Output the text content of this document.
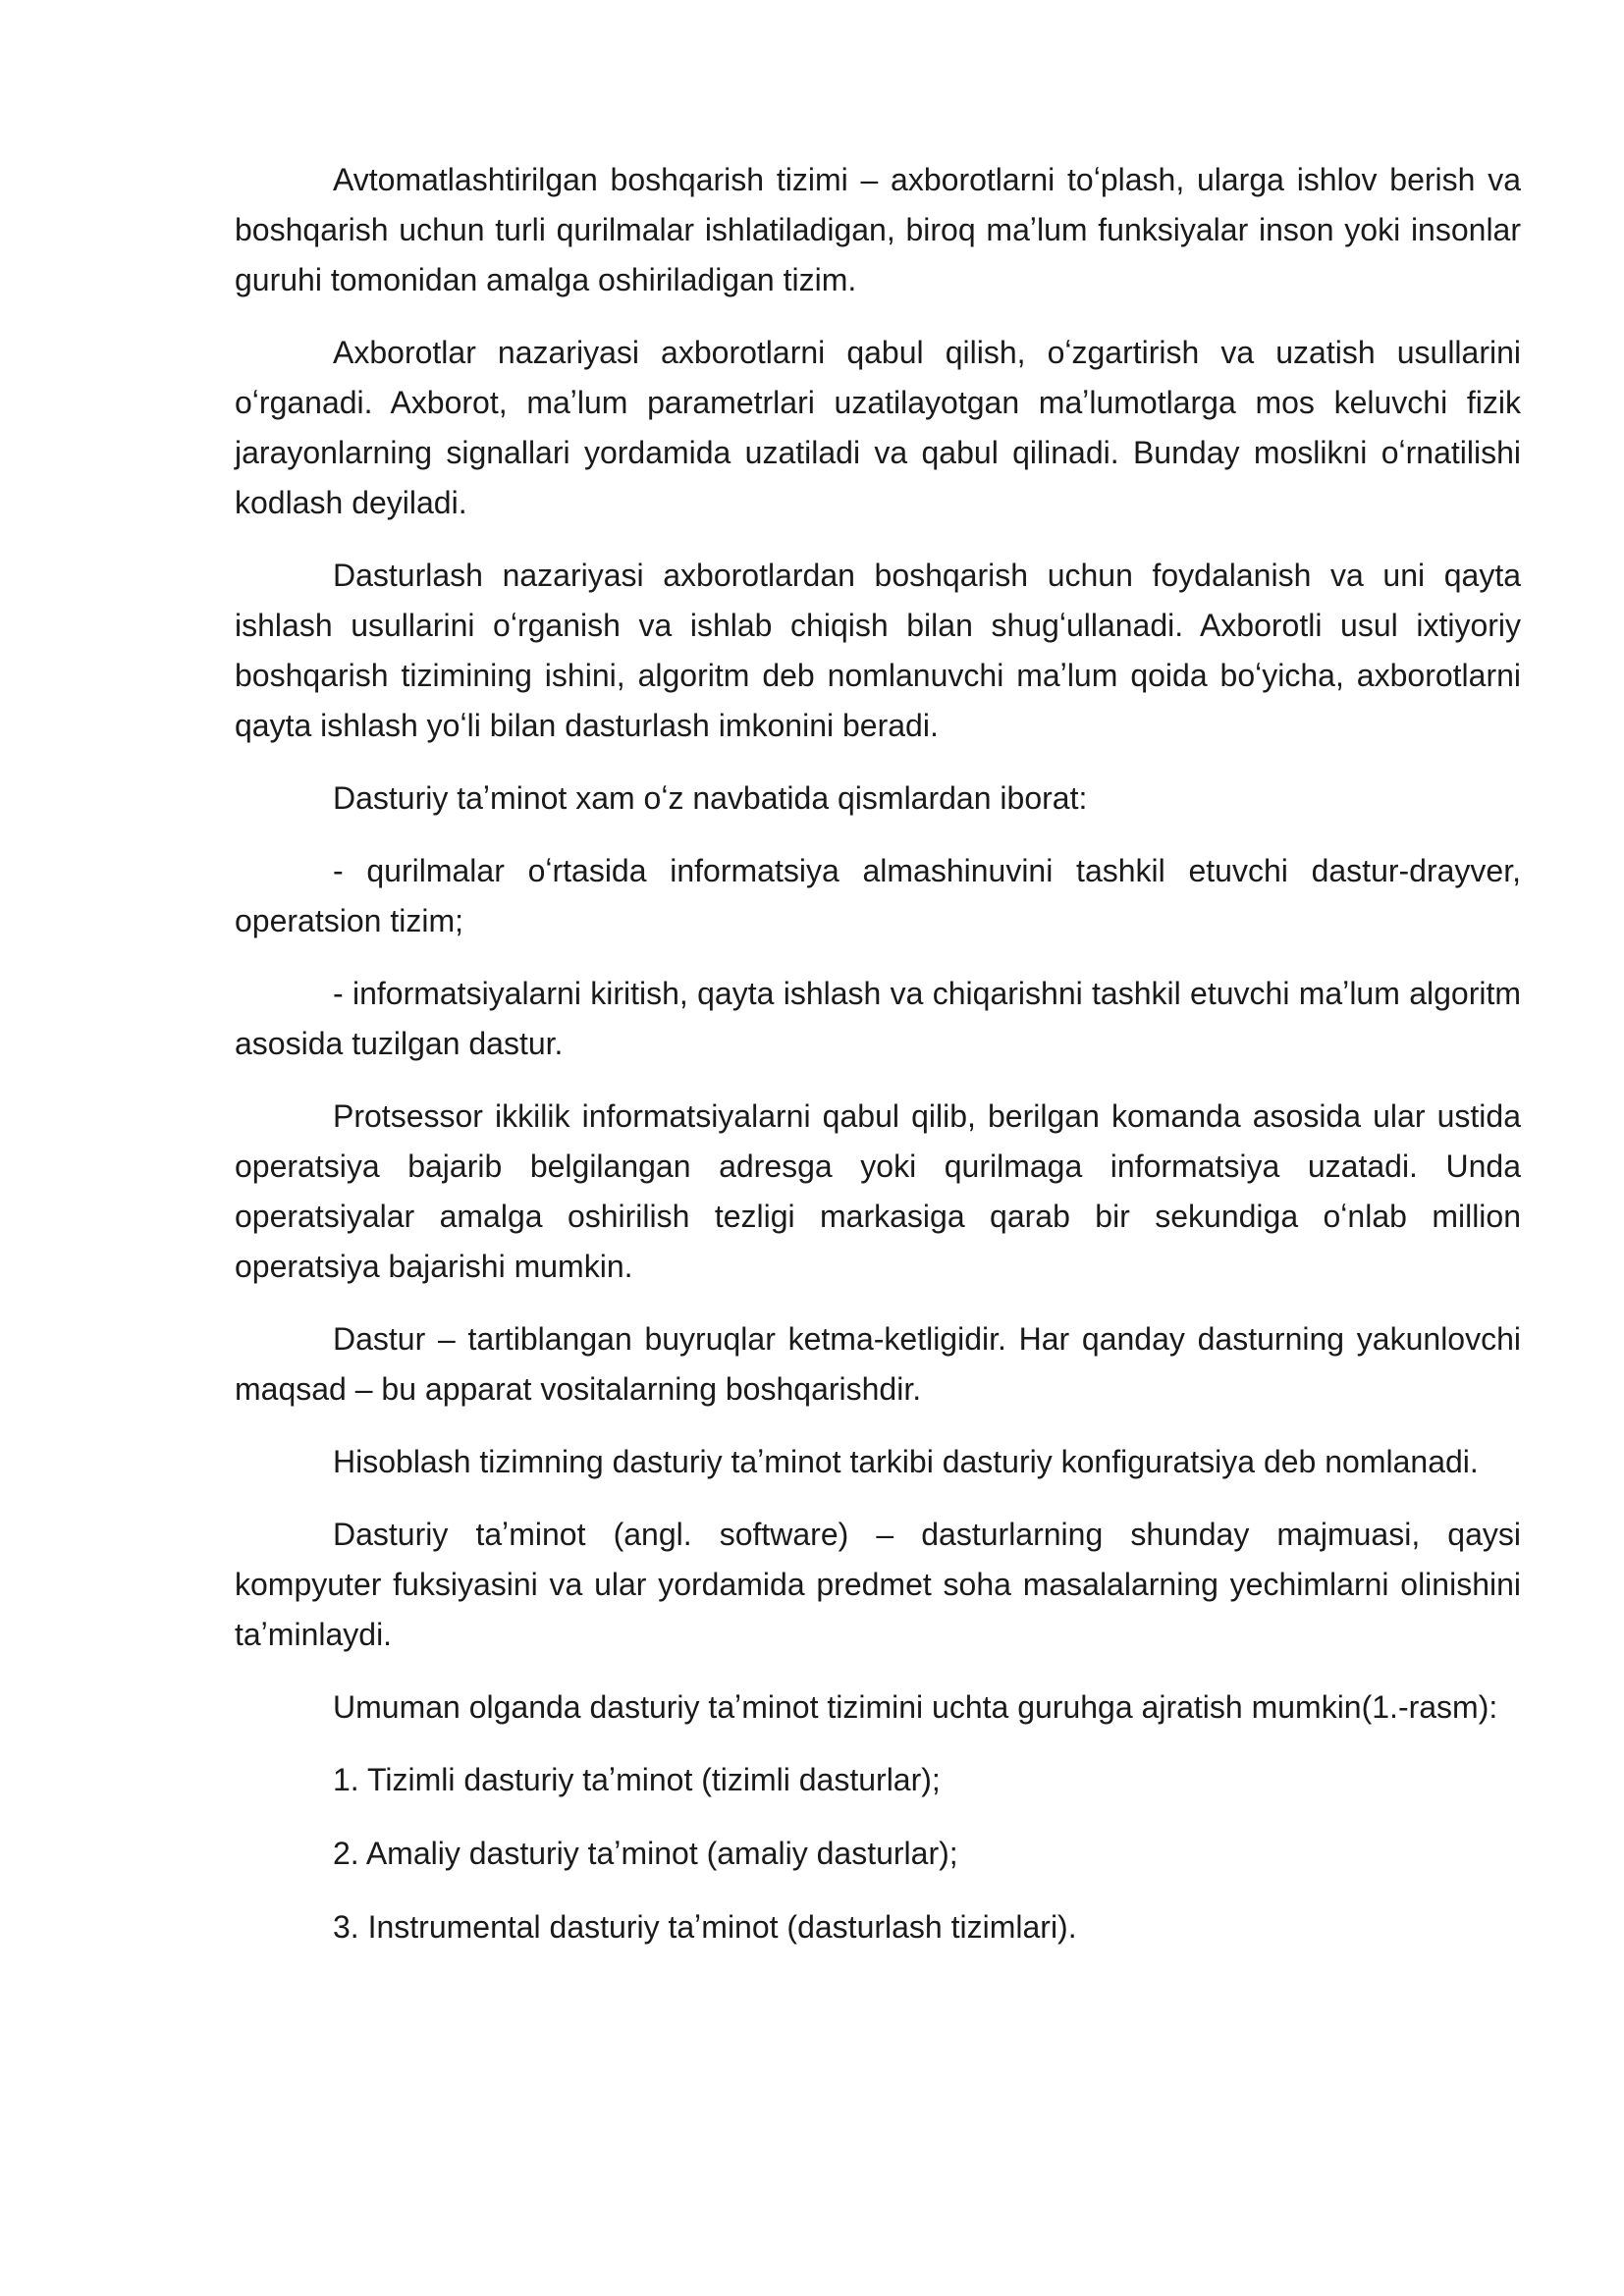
Avtomatlashtirilgan boshqarish tizimi – axborotlarni toʻplash, ularga ishlov berish va boshqarish uchun turli qurilmalar ishlatiladigan, biroq maʼlum funksiyalar inson yoki insonlar guruhi tomonidan amalga oshiriladigan tizim.

Axborotlar nazariyasi axborotlarni qabul qilish, oʻzgartirish va uzatish usullarini oʻrganadi. Axborot, maʼlum parametrlari uzatilayotgan maʼlumotlarga mos keluvchi fizik jarayonlarning signallari yordamida uzatiladi va qabul qilinadi. Bunday moslikni oʻrnatilishi kodlash deyiladi.

Dasturlash nazariyasi axborotlardan boshqarish uchun foydalanish va uni qayta ishlash usullarini oʻrganish va ishlab chiqish bilan shugʻullanadi. Axborotli usul ixtiyoriy boshqarish tizimining ishini, algoritm deb nomlanuvchi maʼlum qoida boʻyicha, axborotlarni qayta ishlash yoʻli bilan dasturlash imkonini beradi.

Dasturiy taʼminot xam oʻz navbatida qismlardan iborat:

- qurilmalar oʻrtasida informatsiya almashinuvini tashkil etuvchi dastur-drayver, operatsion tizim;

- informatsiyalarni kiritish, qayta ishlash va chiqarishni tashkil etuvchi maʼlum algoritm asosida tuzilgan dastur.

Protsessor ikkilik informatsiyalarni qabul qilib, berilgan komanda asosida ular ustida operatsiya bajarib belgilangan adresga yoki qurilmaga informatsiya uzatadi. Unda operatsiyalar amalga oshirilish tezligi markasiga qarab bir sekundiga oʻnlab million operatsiya bajarishi mumkin.

Dastur – tartiblangan buyruqlar ketma-ketligidir. Har qanday dasturning yakunlovchi maqsad – bu apparat vositalarning boshqarishdir.

Hisoblash tizimning dasturiy taʼminot tarkibi dasturiy konfiguratsiya deb nomlanadi.

Dasturiy taʼminot (angl. software) – dasturlarning shunday majmuasi, qaysi kompyuter fuksiyasini va ular yordamida predmet soha masalalarning yechimlarni olinishini taʼminlaydi.

Umuman olganda dasturiy taʼminot tizimini uchta guruhga ajratish mumkin(1.-rasm):

1. Tizimli dasturiy taʼminot (tizimli dasturlar);

2. Amaliy dasturiy taʼminot (amaliy dasturlar);

3. Instrumental dasturiy taʼminot (dasturlash tizimlari).
